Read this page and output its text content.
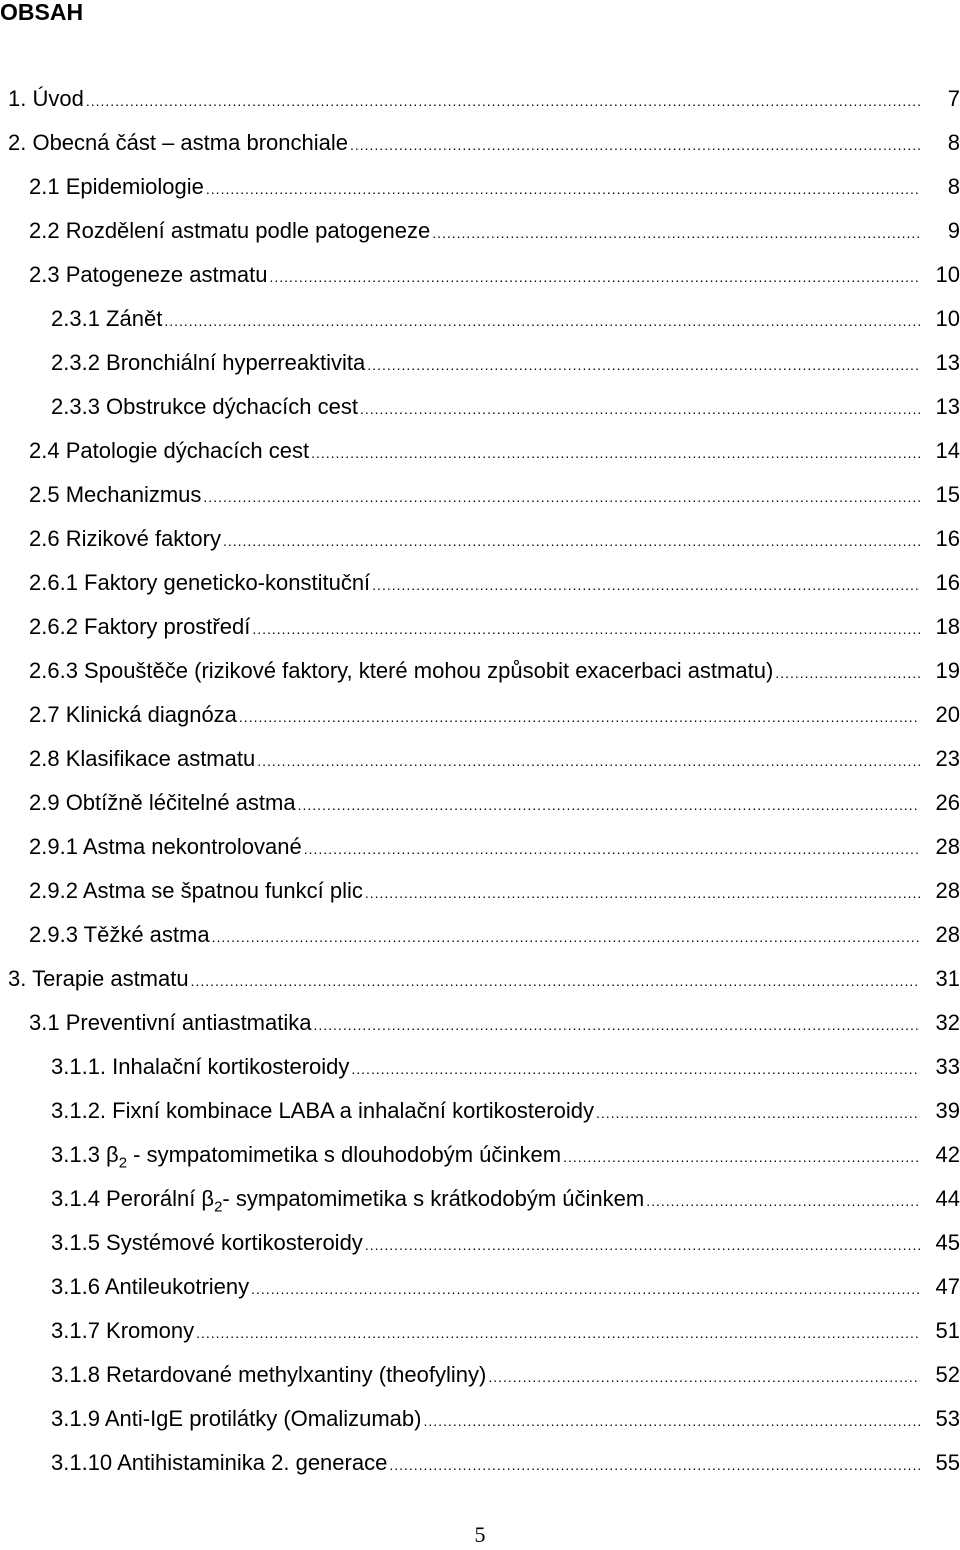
OBSAH
1. Úvod .....	7
2. Obecná část – astma bronchiale .....	8
2.1 Epidemiologie .....	8
2.2 Rozdělení astmatu podle patogeneze .....	9
2.3 Patogeneze astmatu .....	10
2.3.1 Zánět .....	10
2.3.2 Bronchiální hyperreaktivita .....	13
2.3.3 Obstrukce dýchacích cest .....	13
2.4 Patologie dýchacích cest .....	14
2.5 Mechanizmus .....	15
2.6 Rizikové faktory .....	16
2.6.1 Faktory geneticko-konstituční .....	16
2.6.2 Faktory prostředí .....	18
2.6.3 Spouštěče (rizikové faktory, které mohou způsobit exacerbaci astmatu) .....	19
2.7 Klinická diagnóza .....	20
2.8 Klasifikace astmatu .....	23
2.9 Obtížně léčitelné astma .....	26
2.9.1 Astma nekontrolované .....	28
2.9.2 Astma se špatnou funkcí plic .....	28
2.9.3 Těžké astma .....	28
3. Terapie astmatu .....	31
3.1 Preventivní antiastmatika .....	32
3.1.1. Inhalační kortikosteroidy .....	33
3.1.2. Fixní kombinace LABA a inhalační kortikosteroidy .....	39
3.1.3 $\beta_2$ - sympatomimetika s dlouhodobým účinkem .....	42
3.1.4 Perorální $\beta_2-$ sympatomimetika s krátkodobým účinkem .....	44
3.1.5 Systémové kortikosteroidy .....	45
3.1.6 Antileukotrieny .....	47
3.1.7 Kromony .....	51
3.1.8 Retardované methylxantiny (theofyliny) .....	52
3.1.9 Anti-IgE protilátky (Omalizumab) .....	53
3.1.10 Antihistaminika 2. generace .....	55
5
